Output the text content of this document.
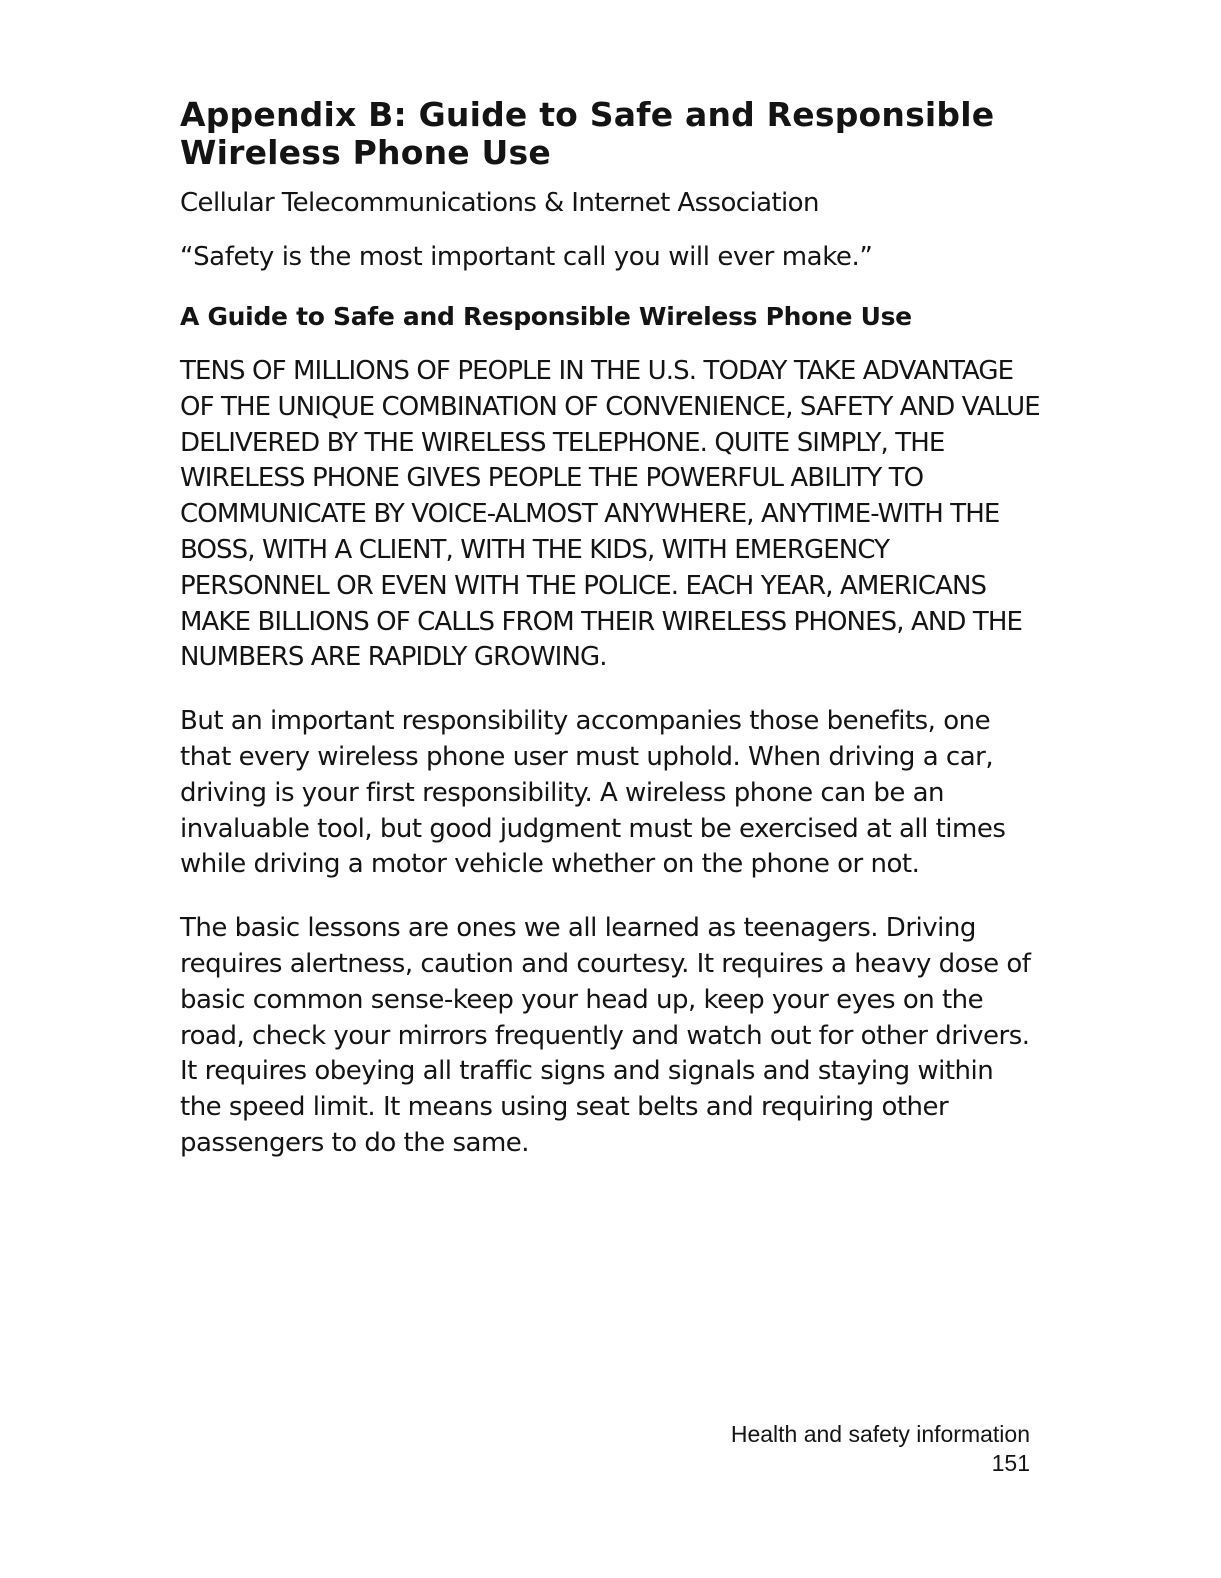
Appendix B: Guide to Safe and Responsible Wireless Phone Use

Cellular Telecommunications & Internet Association

“Safety is the most important call you will ever make.”

A Guide to Safe and Responsible Wireless Phone Use

TENS OF MILLIONS OF PEOPLE IN THE U.S. TODAY TAKE ADVANTAGE OF THE UNIQUE COMBINATION OF CONVENIENCE, SAFETY AND VALUE DELIVERED BY THE WIRELESS TELEPHONE. QUITE SIMPLY, THE WIRELESS PHONE GIVES PEOPLE THE POWERFUL ABILITY TO COMMUNICATE BY VOICE-ALMOST ANYWHERE, ANYTIME-WITH THE BOSS, WITH A CLIENT, WITH THE KIDS, WITH EMERGENCY PERSONNEL OR EVEN WITH THE POLICE. EACH YEAR, AMERICANS MAKE BILLIONS OF CALLS FROM THEIR WIRELESS PHONES, AND THE NUMBERS ARE RAPIDLY GROWING.

But an important responsibility accompanies those benefits, one that every wireless phone user must uphold. When driving a car, driving is your first responsibility. A wireless phone can be an invaluable tool, but good judgment must be exercised at all times while driving a motor vehicle whether on the phone or not.

The basic lessons are ones we all learned as teenagers. Driving requires alertness, caution and courtesy. It requires a heavy dose of basic common sense-keep your head up, keep your eyes on the road, check your mirrors frequently and watch out for other drivers. It requires obeying all traffic signs and signals and staying within the speed limit. It means using seat belts and requiring other passengers to do the same.

Health and safety information
151
